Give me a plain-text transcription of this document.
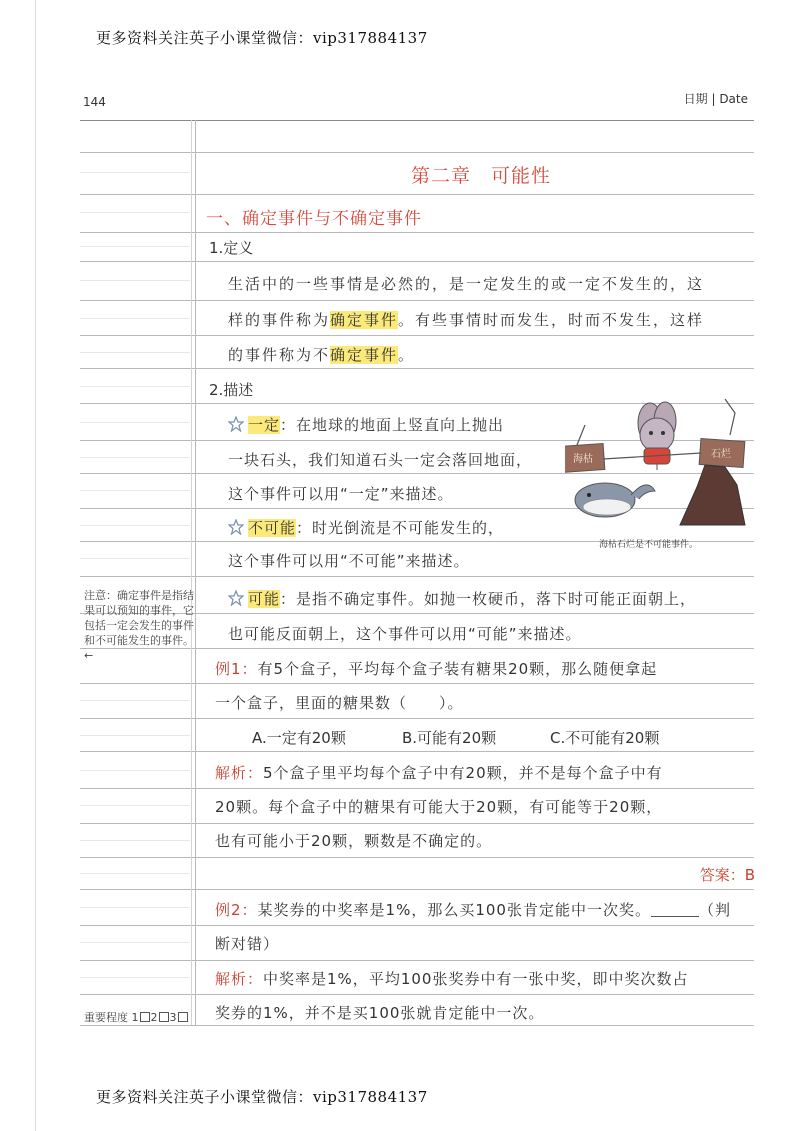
更多资料关注英子小课堂微信：vip317884137
144	日期 | Date
第二章　可能性
一、确定事件与不确定事件
1.定义
生活中的一些事情是必然的，是一定发生的或一定不发生的，这
样的事件称为确定事件。有些事情时而发生，时而不发生，这样
的事件称为不确定事件。
2.描述
一定：在地球的地面上竖直向上抛出
一块石头，我们知道石头一定会落回地面，
这个事件可以用“一定”来描述。
不可能：时光倒流是不可能发生的，
这个事件可以用“不可能”来描述。
可能：是指不确定事件。如抛一枚硬币，落下时可能正面朝上，
也可能反面朝上，这个事件可以用“可能”来描述。
海枯	石烂
海枯石烂是不可能事件。
注意：确定事件是指结果可以预知的事件，它包括一定会发生的事件和不可能发生的事件。 ←
例1：有5个盒子，平均每个盒子装有糖果20颗，那么随便拿起
一个盒子，里面的糖果数（　　）。
A.一定有20颗	B.可能有20颗	C.不可能有20颗
解析：5个盒子里平均每个盒子中有20颗，并不是每个盒子中有
20颗。每个盒子中的糖果有可能大于20颗，有可能等于20颗，
也有可能小于20颗，颗数是不确定的。
答案：B
例2：某奖券的中奖率是1%，那么买100张肯定能中一次奖。	（判
断对错）
解析：中奖率是1%，平均100张奖券中有一张中奖，即中奖次数占
奖券的1%，并不是买100张就肯定能中一次。
重要程度 1 2 3
更多资料关注英子小课堂微信：vip317884137
